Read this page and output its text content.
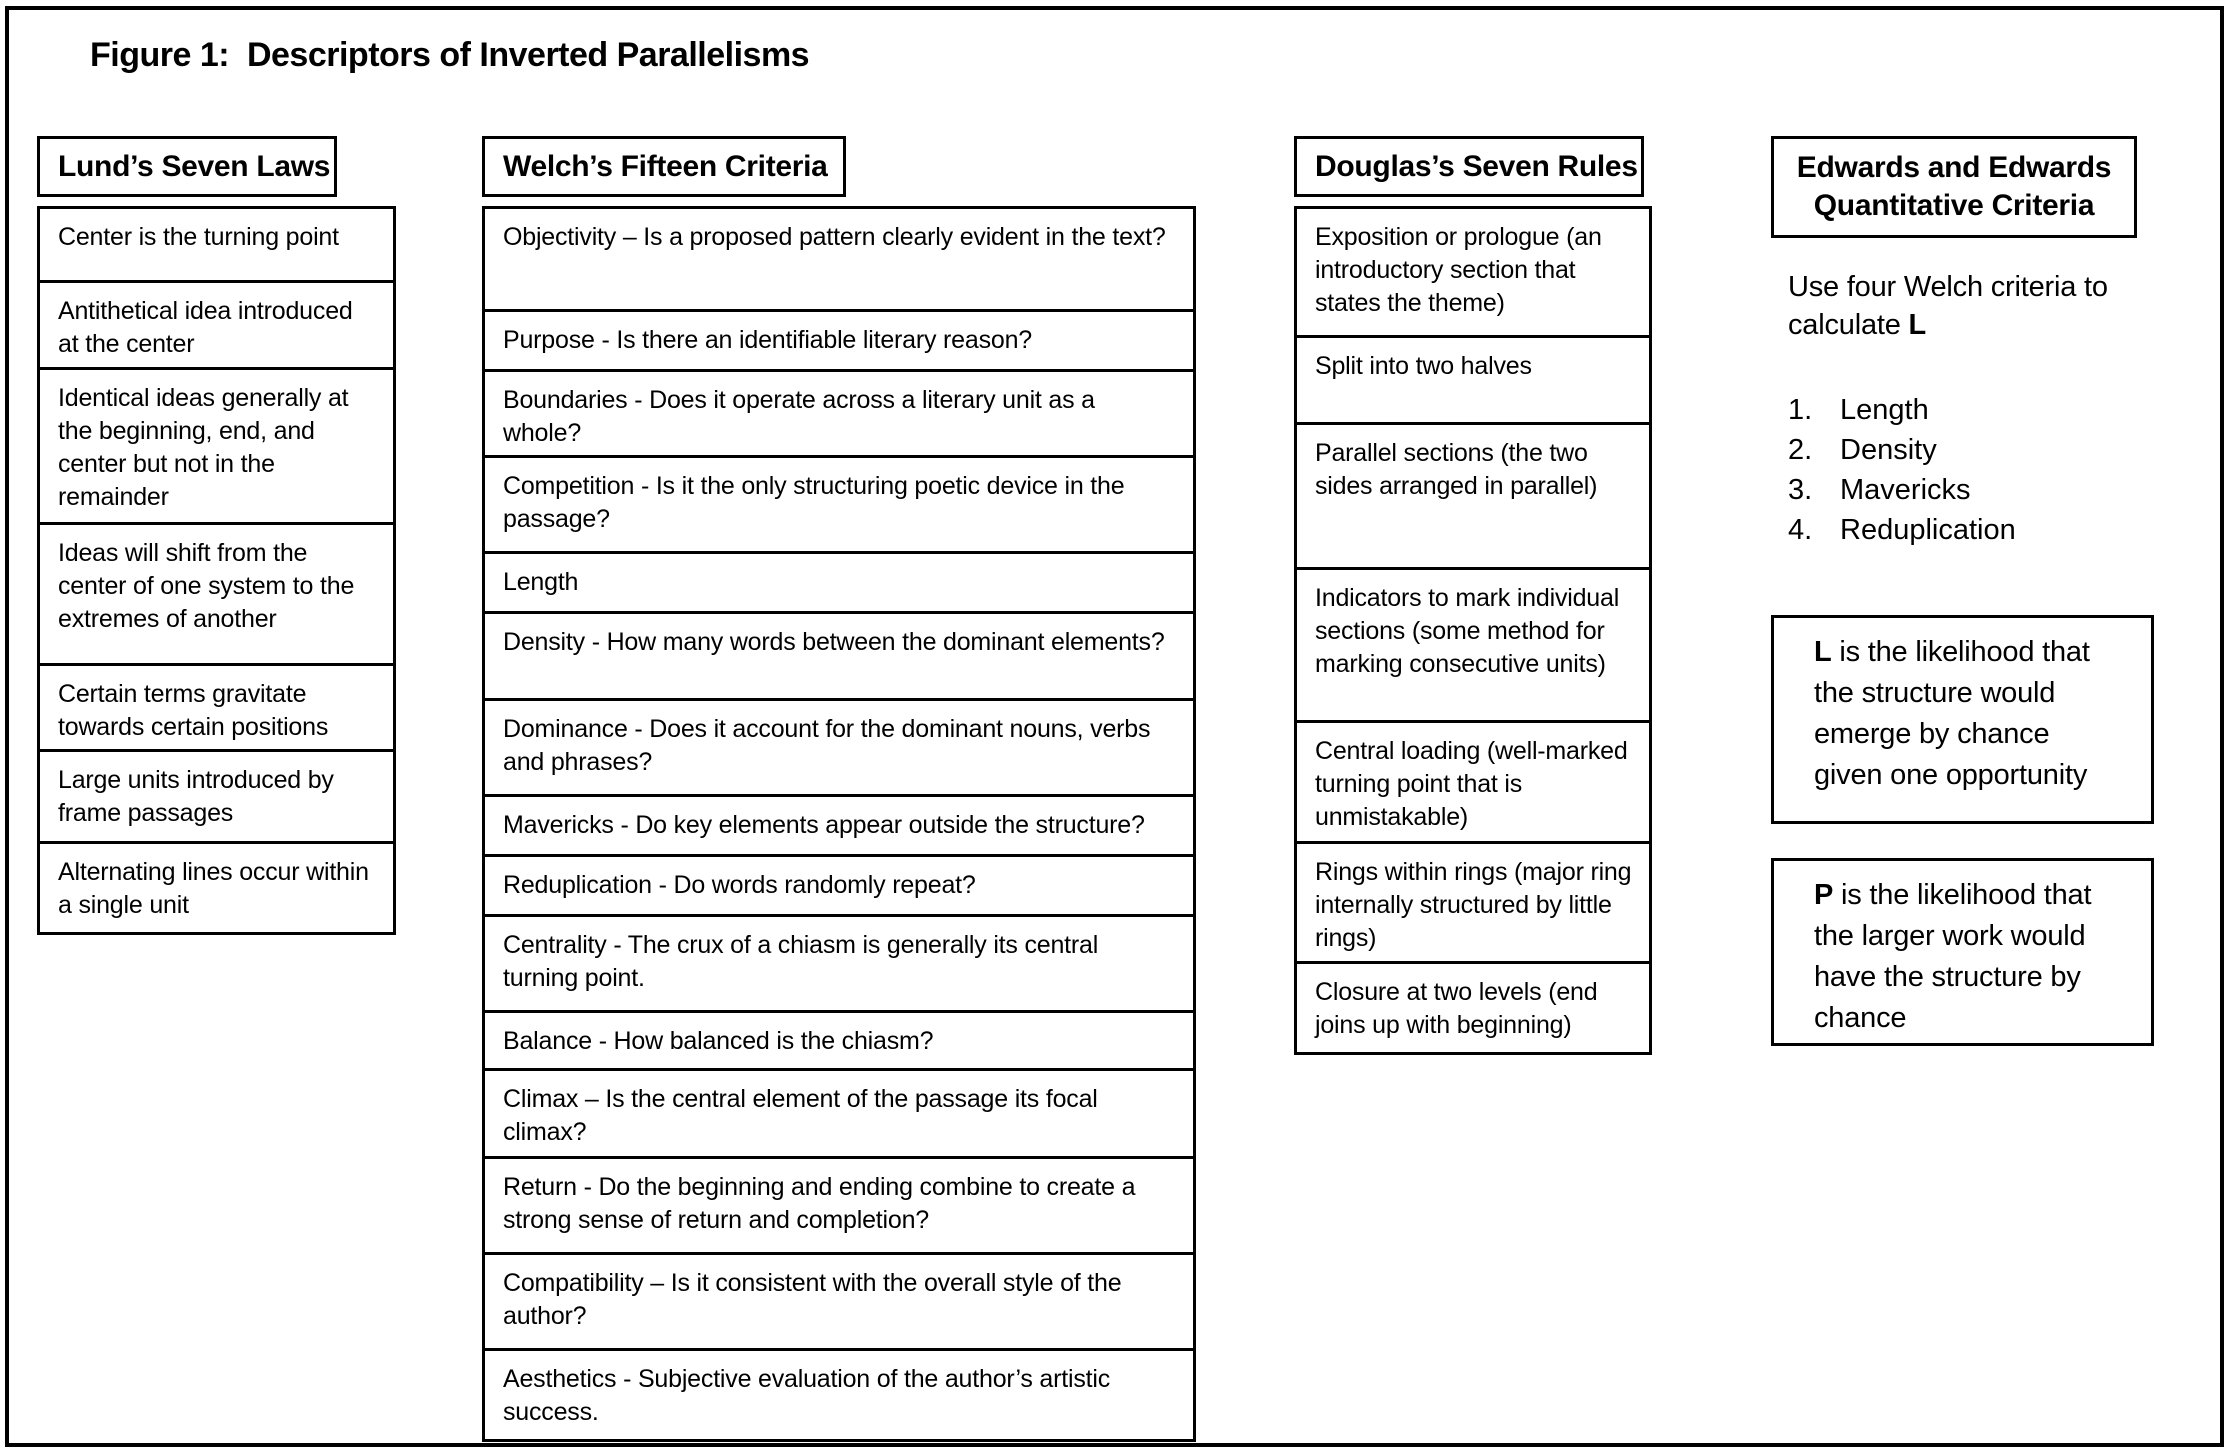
Figure 1:  Descriptors of Inverted Parallelisms
Lund’s Seven Laws
Center is the turning point
Antithetical idea introduced at the center
Identical ideas generally at the beginning, end, and center but not in the remainder
Ideas will shift from the center of one system to the extremes of another
Certain terms gravitate towards certain positions
Large units introduced by frame passages
Alternating lines occur within a single unit
Welch’s Fifteen Criteria
Objectivity – Is a proposed pattern clearly evident in the text?
Purpose - Is there an identifiable literary reason?
Boundaries - Does it operate across a literary unit as a whole?
Competition - Is it the only structuring poetic device in the passage?
Length
Density - How many words between the dominant elements?
Dominance - Does it account for the dominant nouns, verbs and phrases?
Mavericks - Do key elements appear outside the structure?
Reduplication - Do words randomly repeat?
Centrality - The crux of a chiasm is generally its central turning point.
Balance - How balanced is the chiasm?
Climax – Is the central element of the passage its focal climax?
Return - Do the beginning and ending combine to create a strong sense of return and completion?
Compatibility – Is it consistent with the overall style of the author?
Aesthetics - Subjective evaluation of the author’s artistic success.
Douglas’s Seven Rules
Exposition or prologue (an introductory section that states the theme)
Split into two halves
Parallel sections (the two sides arranged in parallel)
Indicators to mark individual sections (some method for marking consecutive units)
Central loading (well-marked turning point that is unmistakable)
Rings within rings (major ring internally structured by little rings)
Closure at two levels (end joins up with beginning)
Edwards and Edwards
Quantitative Criteria
Use four Welch criteria to calculate L
1. Length
2. Density
3. Mavericks
4. Reduplication
L is the likelihood that the structure would emerge by chance given one opportunity
P is the likelihood that the larger work would have the structure by chance
